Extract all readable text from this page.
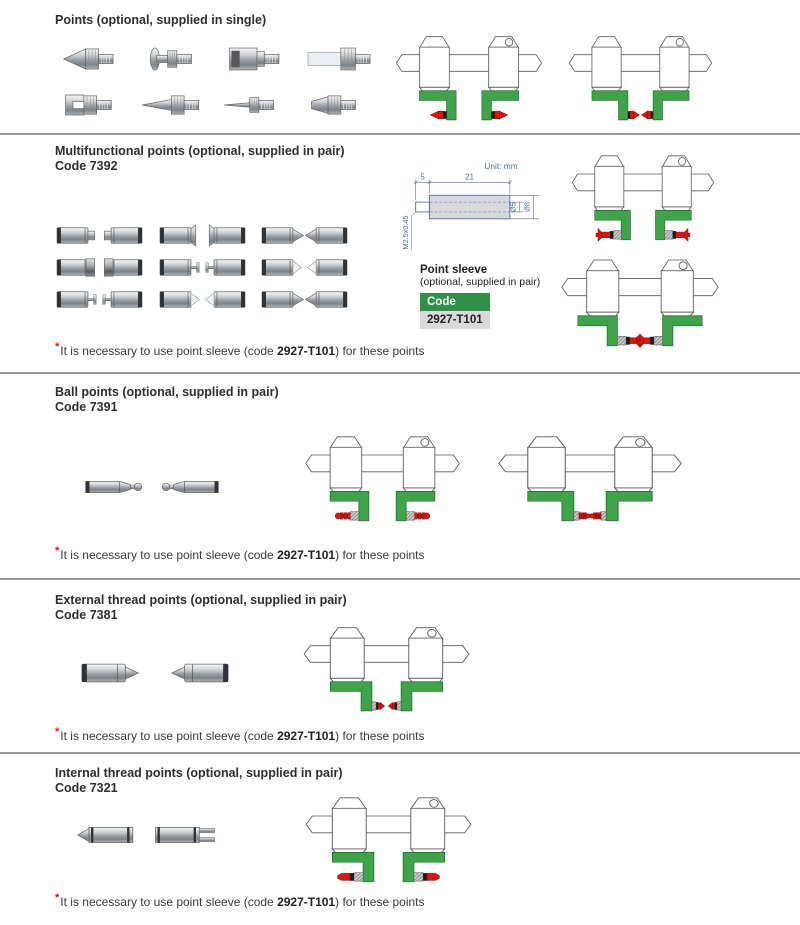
Points (optional, supplied in single)
Multifunctional points (optional, supplied in pair)
Code 7392	Unit: mm
5	21
Ø5 Ø8
M2.5x0.45
Point sleeve
(optional, supplied in pair)
Code
2927-T101

*It is necessary to use point sleeve (code 2927-T101) for these points

Ball points (optional, supplied in pair)
Code 7391

*It is necessary to use point sleeve (code 2927-T101) for these points

External thread points (optional, supplied in pair)
Code 7381

*It is necessary to use point sleeve (code 2927-T101) for these points

Internal thread points (optional, supplied in pair)
Code 7321

*It is necessary to use point sleeve (code 2927-T101) for these points
